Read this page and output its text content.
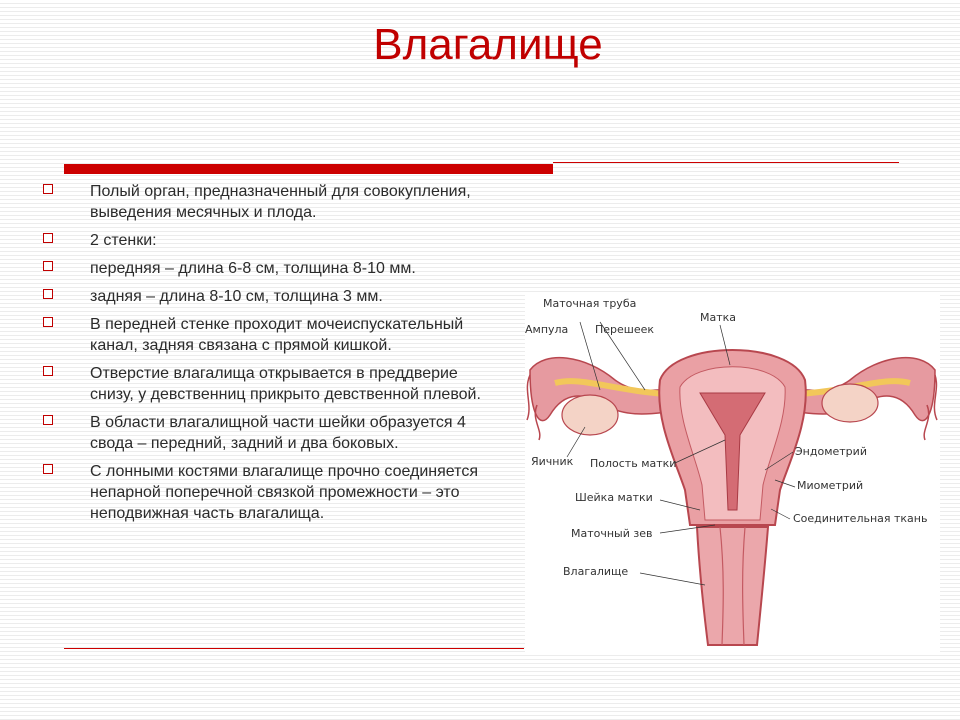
Влагалище
Полый орган, предназначенный для совокупления, выведения месячных и плода.
2 стенки:
передняя – длина 6-8 см, толщина 8-10 мм.
задняя – длина 8-10 см, толщина 3 мм.
В передней стенке проходит мочеиспускательный канал, задняя связана с прямой кишкой.
Отверстие влагалища открывается в преддверие снизу, у девственниц прикрыто девственной плевой.
В области влагалищной части шейки образуется 4 свода – передний, задний и два боковых.
С лонными костями влагалище прочно соединяется непарной поперечной связкой промежности – это неподвижная часть влагалища.
Маточная труба
Матка
Ампула Перешеек
Яичник Полость матки
Эндометрий
Миометрий
Шейка матки
Соединительная ткань
Маточный зев
Влагалище
